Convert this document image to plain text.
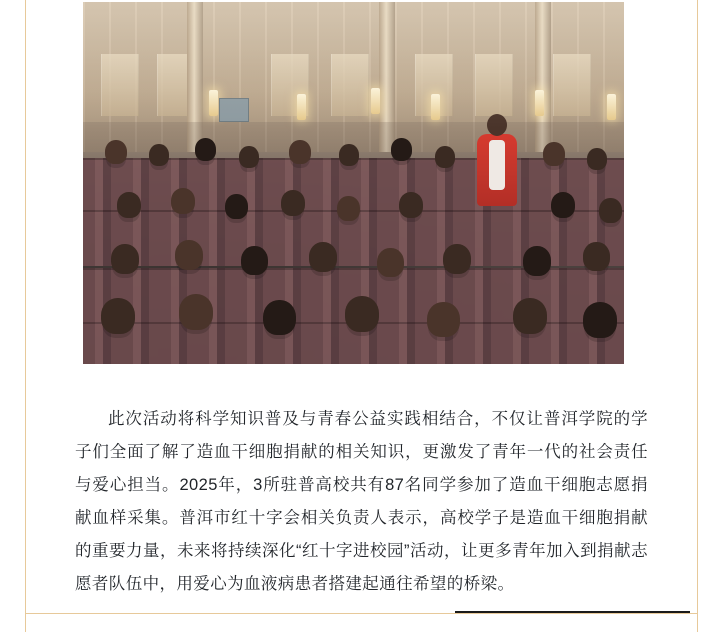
此次活动将科学知识普及与青春公益实践相结合，不仅让普洱学院的学子们全面了解了造血干细胞捐献的相关知识，更激发了青年一代的社会责任与爱心担当。2025年，3所驻普高校共有87名同学参加了造血干细胞志愿捐献血样采集。普洱市红十字会相关负责人表示，高校学子是造血干细胞捐献的重要力量，未来将持续深化“红十字进校园”活动，让更多青年加入到捐献志愿者队伍中，用爱心为血液病患者搭建起通往希望的桥梁。
